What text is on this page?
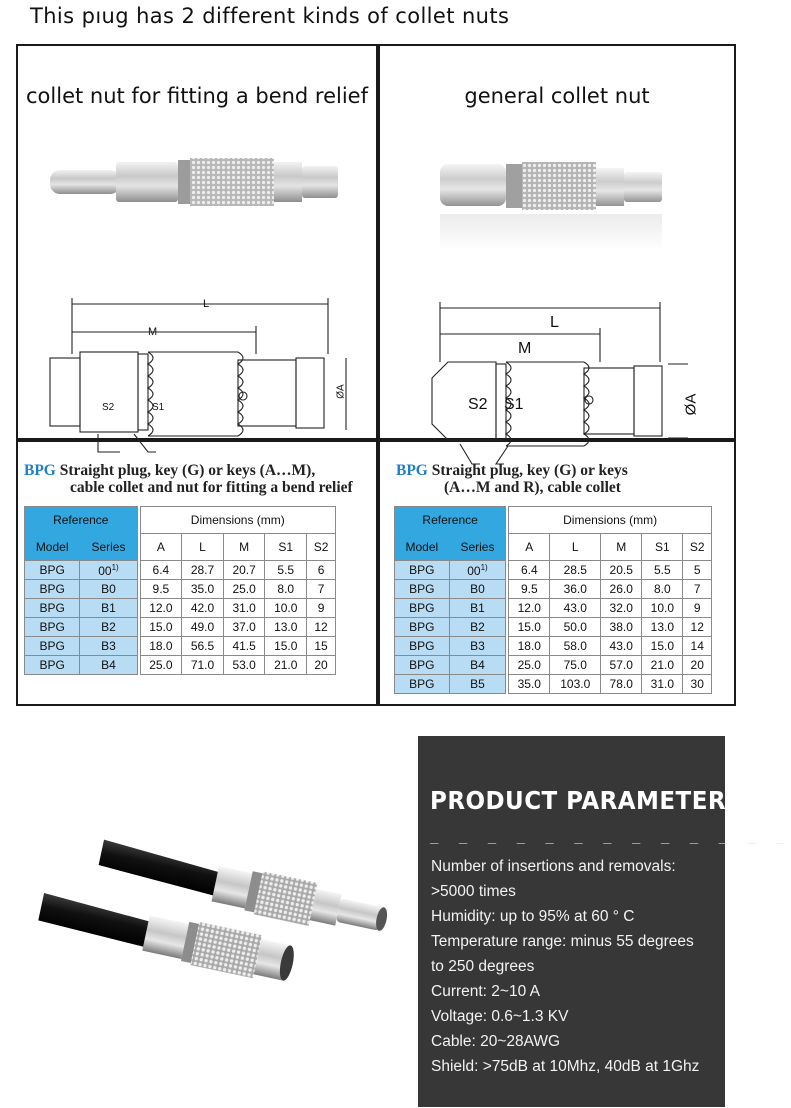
This pıug has 2 different kinds of collet nuts
collet nut for fitting a bend relief
L
M
ØA
S2	S1
general collet nut
L
M
ØA
S2 S1
BPG Straight plug, key (G) or key​s (A…M),
cable collet and nut for fitting a bend relief
Reference			Dimensions (mm)				
Model	Series		A	L	M	S1	S2
BPG	00$^{1)}$		6.4	28.7	20.7	5.5	6
BPG	B0		9.5	35.0	25.0	8.0	7
BPG	B1		12.0	42.0	31.0	10.0	9
BPG	B2		15.0	49.0	37.0	13.0	12
BPG	B3		18.0	56.5	41.5	15.0	15
BPG	B4		25.0	71.0	53.0	21.0	20
BPG Straight plug, key (G) or keys
(A…M and R), cable collet
Reference			Dimensions (mm)				
Model	Series		A	L	M	S1	S2
BPG	00$^{1)}$		6.4	28.5	20.5	5.5	5
BPG	B0		9.5	36.0	26.0	8.0	7
BPG	B1		12.0	43.0	32.0	10.0	9
BPG	B2		15.0	50.0	38.0	13.0	12
BPG	B3		18.0	58.0	43.0	15.0	14
BPG	B4		25.0	75.0	57.0	21.0	20
BPG	B5		35.0	103.0	78.0	31.0	30
PRODUCT PARAMETERS
_ _ _ _ _ _ _ _ _ _ _ _ _
Number of insertions and removals:
>5000 times
Humidity: up to 95% at 60 ° C
Temperature range: minus 55 degrees
to 250 degrees
Current: 2~10 A
Voltage: 0.6~1.3 KV
Cable: 20~28AWG
Shield: >75dB at 10Mhz, 40dB at 1Ghz
